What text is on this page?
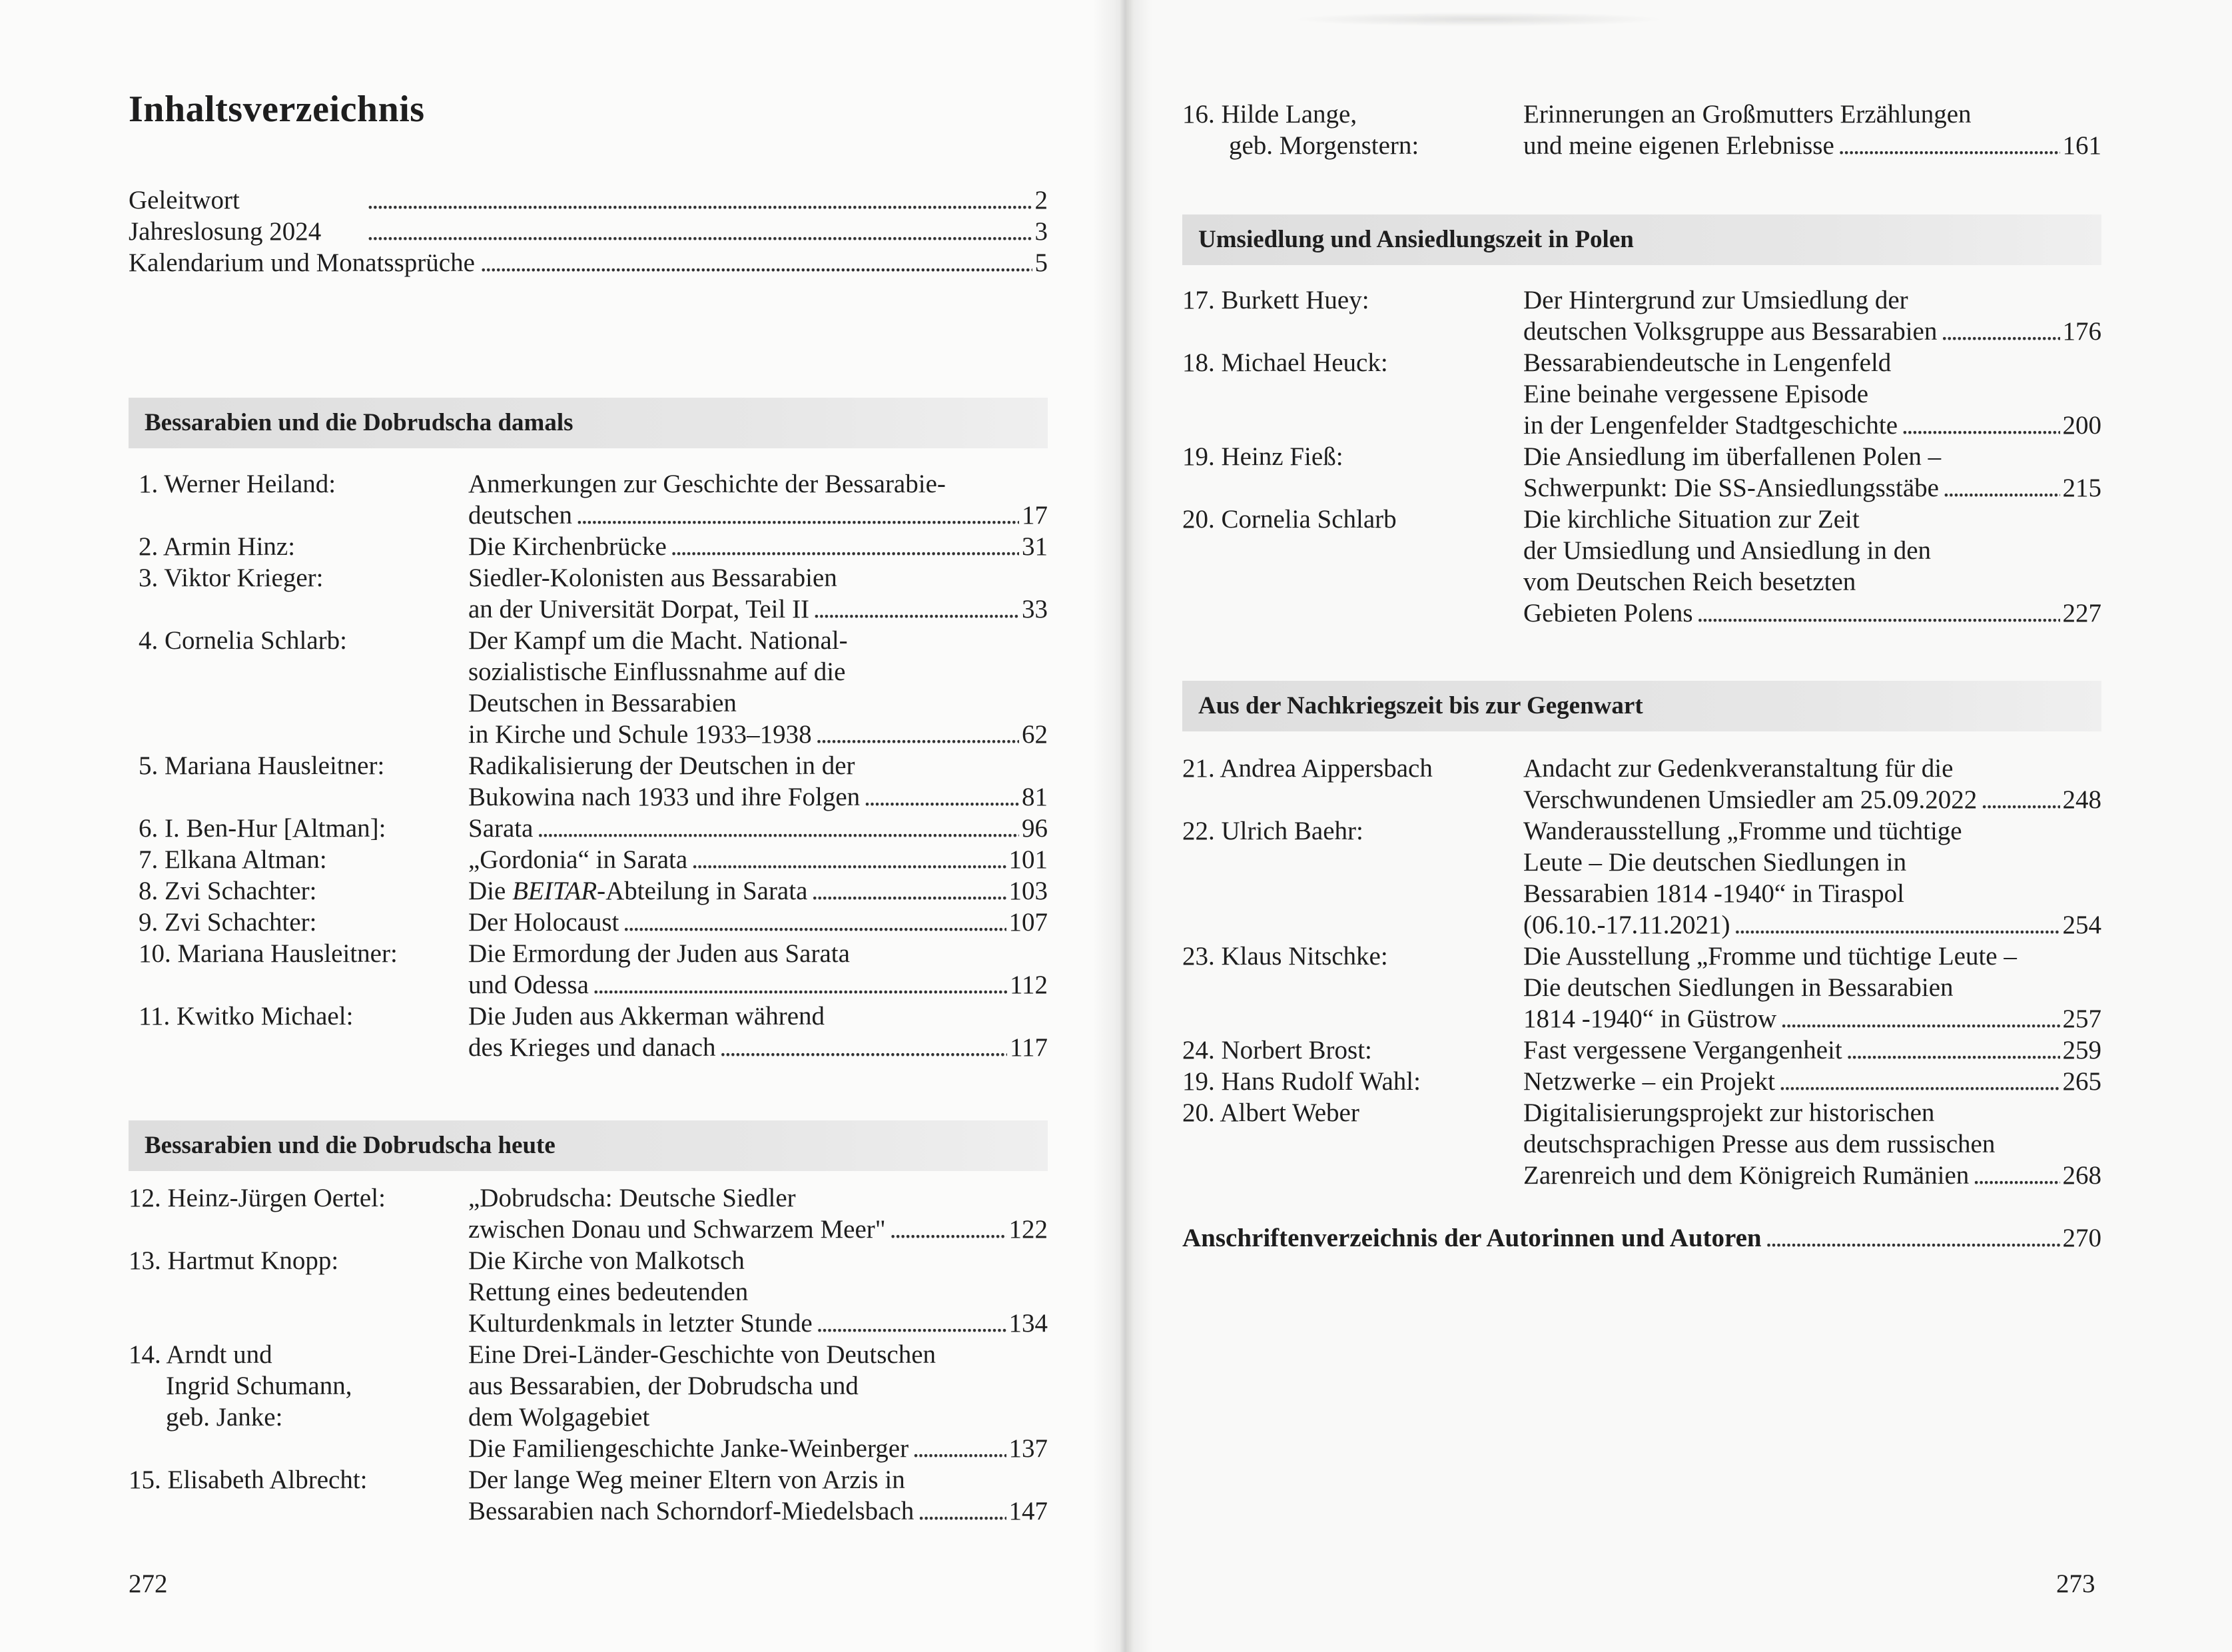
Inhaltsverzeichnis
Geleitwort . . .	2
Jahreslosung 2024 . . .	3
Kalendarium und Monatssprüche . . .	5
Bessarabien und die Dobrudscha damals
1. Werner Heiland:	Anmerkungen zur Geschichte der Bessarabie-
deutschen . . .	17
2. Armin Hinz:	Die Kirchenbrücke . . .	31
3. Viktor Krieger:	Siedler-Kolonisten aus Bessarabien
an der Universität Dorpat, Teil II . . .	33
4. Cornelia Schlarb:	Der Kampf um die Macht. National-
sozialistische Einflussnahme auf die
Deutschen in Bessarabien
in Kirche und Schule 1933–1938 . . .	62
5. Mariana Hausleitner:	Radikalisierung der Deutschen in der
Bukowina nach 1933 und ihre Folgen . . .	81
6. I. Ben-Hur [Altman]:	Sarata . . .	96
7. Elkana Altman:	„Gordonia“ in Sarata . . .	101
8. Zvi Schachter:	Die BEITAR-Abteilung in Sarata . . .	103
9. Zvi Schachter:	Der Holocaust . . .	107
10. Mariana Hausleitner:	Die Ermordung der Juden aus Sarata
und Odessa . . .	112
11. Kwitko Michael:	Die Juden aus Akkerman während
des Krieges und danach . . .	117
Bessarabien und die Dobrudscha heute
12. Heinz-Jürgen Oertel:	„Dobrudscha: Deutsche Siedler
zwischen Donau und Schwarzem Meer" . . .	122
13. Hartmut Knopp:	Die Kirche von Malkotsch
Rettung eines bedeutenden
Kulturdenkmals in letzter Stunde . . .	134
14. Arndt und
Ingrid Schumann,
geb. Janke:
Eine Drei-Länder-Geschichte von Deutschen
aus Bessarabien, der Dobrudscha und
dem Wolgagebiet
Die Familiengeschichte Janke-Weinberger . . .	137
15. Elisabeth Albrecht:	Der lange Weg meiner Eltern von Arzis in
Bessarabien nach Schorndorf-Miedelsbach . . .	147
272
16. Hilde Lange,
geb. Morgenstern:
Erinnerungen an Großmutters Erzählungen
und meine eigenen Erlebnisse . . .	161
Umsiedlung und Ansiedlungszeit in Polen
17. Burkett Huey:	Der Hintergrund zur Umsiedlung der
deutschen Volksgruppe aus Bessarabien . . .	176
18. Michael Heuck:	Bessarabiendeutsche in Lengenfeld
Eine beinahe vergessene Episode
in der Lengenfelder Stadtgeschichte . . .	200
19. Heinz Fieß:	Die Ansiedlung im überfallenen Polen –
Schwerpunkt: Die SS-Ansiedlungsstäbe . . .	215
20. Cornelia Schlarb	Die kirchliche Situation zur Zeit
der Umsiedlung und Ansiedlung in den
vom Deutschen Reich besetzten
Gebieten Polens . . .	227
Aus der Nachkriegszeit bis zur Gegenwart
21. Andrea Aippersbach	Andacht zur Gedenkveranstaltung für die
Verschwundenen Umsiedler am 25.09.2022 . . .	248
22. Ulrich Baehr:	Wanderausstellung „Fromme und tüchtige
Leute – Die deutschen Siedlungen in
Bessarabien 1814 -1940“ in Tiraspol
(06.10.-17.11.2021) . . .	254
23. Klaus Nitschke:	Die Ausstellung „Fromme und tüchtige Leute –
Die deutschen Siedlungen in Bessarabien
1814 -1940“ in Güstrow . . .	257
24. Norbert Brost:	Fast vergessene Vergangenheit . . .	259
19. Hans Rudolf Wahl:	Netzwerke – ein Projekt . . .	265
20. Albert Weber	Digitalisierungsprojekt zur historischen
deutschsprachigen Presse aus dem russischen
Zarenreich und dem Königreich Rumänien . . .	268
Anschriftenverzeichnis der Autorinnen und Autoren . . .	270
273
